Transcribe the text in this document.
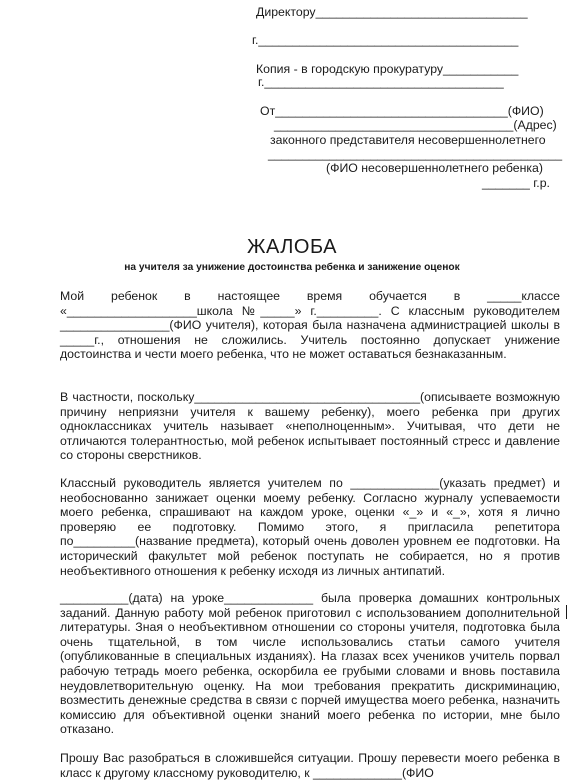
Директору_______________________________
г.______________________________________
Копия - в городскую прокуратуру___________
г.___________________________________
От__________________________________(ФИО)
___________________________________(Адрес)
законного представителя несовершеннолетнего
___________________________________________
(ФИО несовершеннолетнего ребенка)
_______ г.р.
ЖАЛОБА
на учителя за унижение достоинства ребенка и занижение оценок
Мой ребенок в настоящее время обучается в _____классе «___________________школа №_____» г._________. С классным руководителем ________________(ФИО учителя), которая была назначена администрацией школы в _____г., отношения не сложились. Учитель постоянно допускает унижение достоинства и чести моего ребенка, что не может оставаться безнаказанным.
В частности, поскольку_________________________________(описываете возможную причину неприязни учителя к вашему ребенку), моего ребенка при других одноклассниках учитель называет «неполноценным». Учитывая, что дети не отличаются толерантностью, мой ребенок испытывает постоянный стресс и давление со стороны сверстников.
Классный руководитель является учителем по _____________(указать предмет) и необоснованно занижает оценки моему ребенку. Согласно журналу успеваемости моего ребенка, спрашивают на каждом уроке, оценки «_» и «_», хотя я лично проверяю ее подготовку. Помимо этого, я пригласила репетитора по_________(название предмета), который очень доволен уровнем ее подготовки. На исторический факультет мой ребенок поступать не собирается, но я против необъективного отношения к ребенку исходя из личных антипатий.
__________(дата) на уроке_____________ была проверка домашних контрольных заданий. Данную работу мой ребенок приготовил с использованием дополнительной литературы. Зная о необъективном отношении со стороны учителя, подготовка была очень тщательной, в том числе использовались статьи самого учителя (опубликованные в специальных изданиях). На глазах всех учеников учитель порвал рабочую тетрадь моего ребенка, оскорбила ее грубыми словами и вновь поставила неудовлетворительную оценку. На мои требования прекратить дискриминацию, возместить денежные средства в связи с порчей имущества моего ребенка, назначить комиссию для объективной оценки знаний моего ребенка по истории, мне было отказано.
Прошу Вас разобраться в сложившейся ситуации. Прошу перевести моего ребенка в класс к другому классному руководителю, к _____________(ФИО
